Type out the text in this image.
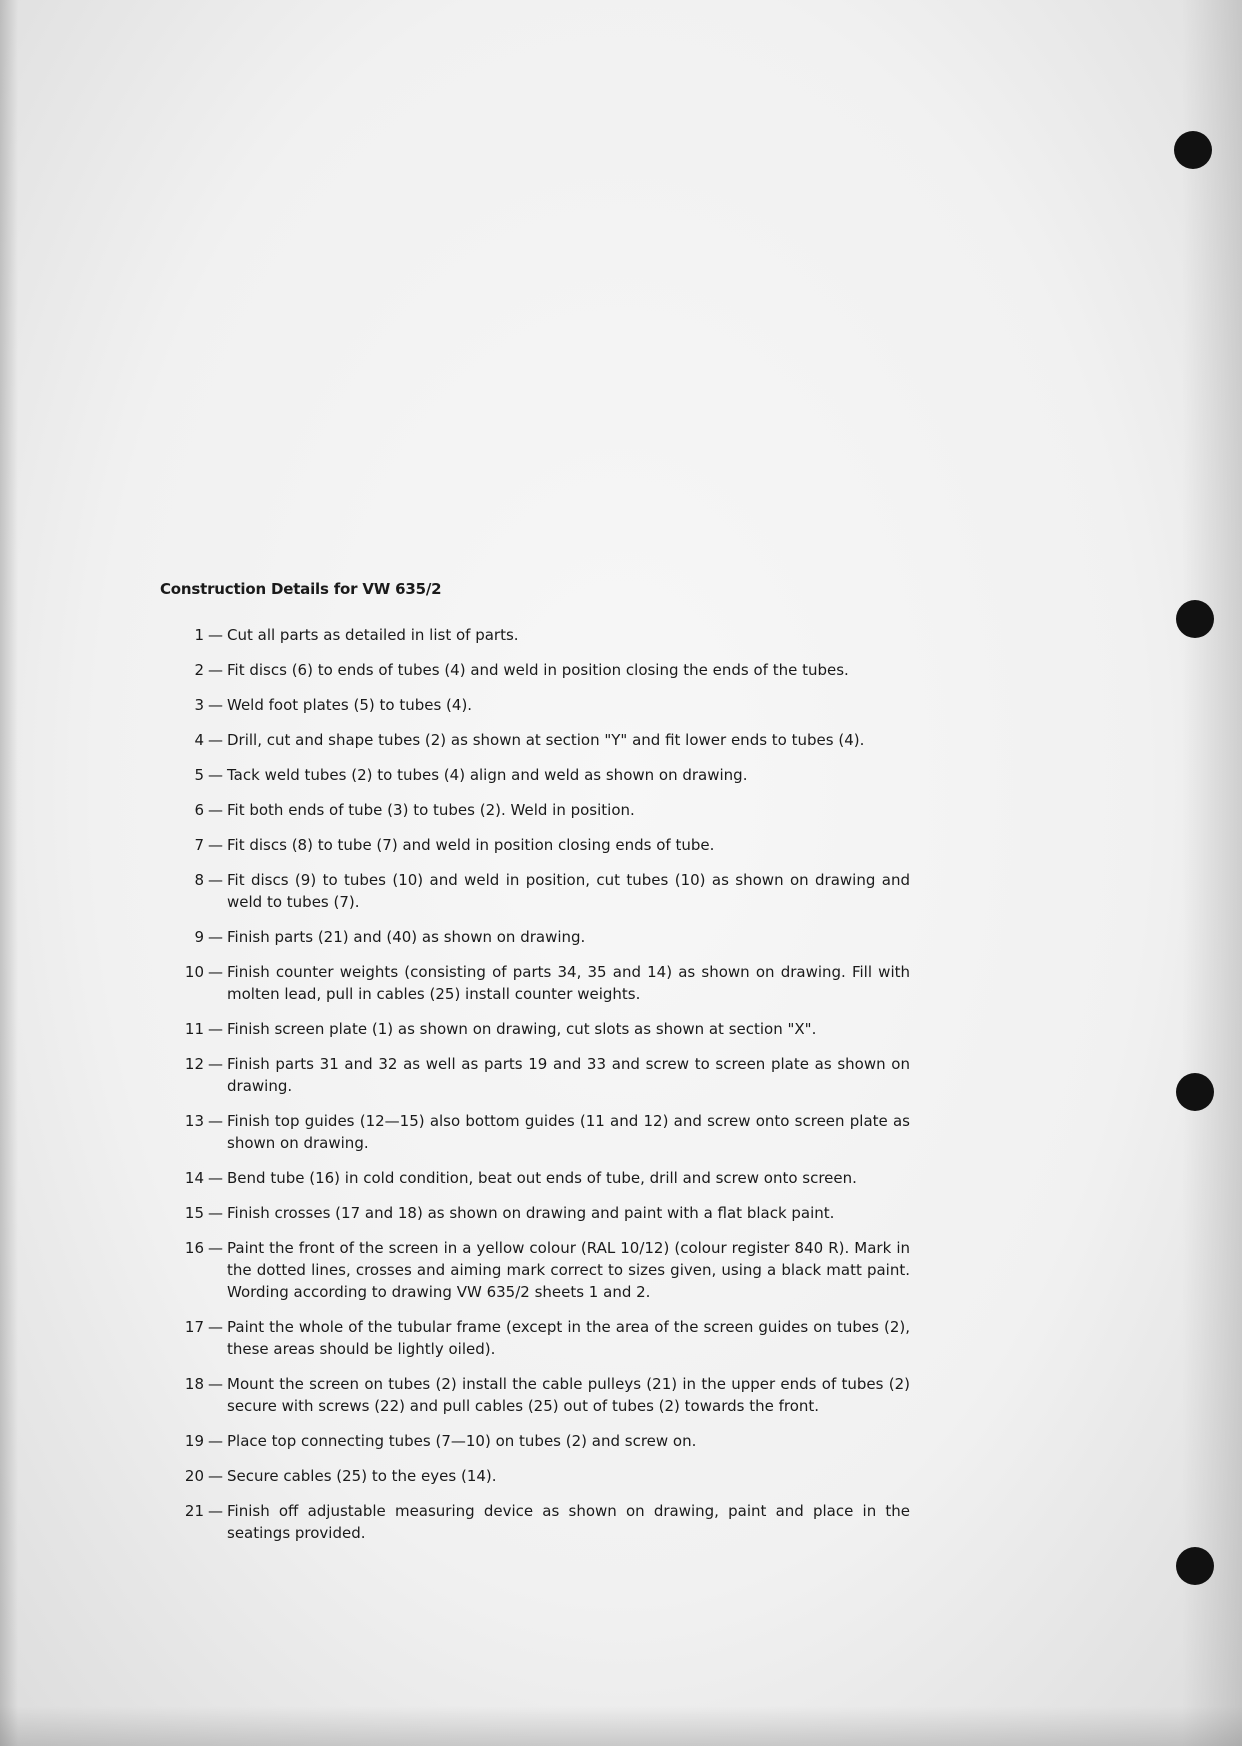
Construction Details for VW 635/2
1 — Cut all parts as detailed in list of parts.
2 — Fit discs (6) to ends of tubes (4) and weld in position closing the ends of the tubes.
3 — Weld foot plates (5) to tubes (4).
4 — Drill, cut and shape tubes (2) as shown at section "Y" and fit lower ends to tubes (4).
5 — Tack weld tubes (2) to tubes (4) align and weld as shown on drawing.
6 — Fit both ends of tube (3) to tubes (2). Weld in position.
7 — Fit discs (8) to tube (7) and weld in position closing ends of tube.
8 — Fit discs (9) to tubes (10) and weld in position, cut tubes (10) as shown on drawing and weld to tubes (7).
9 — Finish parts (21) and (40) as shown on drawing.
10 — Finish counter weights (consisting of parts 34, 35 and 14) as shown on drawing. Fill with molten lead, pull in cables (25) install counter weights.
11 — Finish screen plate (1) as shown on drawing, cut slots as shown at section "X".
12 — Finish parts 31 and 32 as well as parts 19 and 33 and screw to screen plate as shown on drawing.
13 — Finish top guides (12—15) also bottom guides (11 and 12) and screw onto screen plate as shown on drawing.
14 — Bend tube (16) in cold condition, beat out ends of tube, drill and screw onto screen.
15 — Finish crosses (17 and 18) as shown on drawing and paint with a flat black paint.
16 — Paint the front of the screen in a yellow colour (RAL 10/12) (colour register 840 R). Mark in the dotted lines, crosses and aiming mark correct to sizes given, using a black matt paint. Wording according to drawing VW 635/2 sheets 1 and 2.
17 — Paint the whole of the tubular frame (except in the area of the screen guides on tubes (2), these areas should be lightly oiled).
18 — Mount the screen on tubes (2) install the cable pulleys (21) in the upper ends of tubes (2) secure with screws (22) and pull cables (25) out of tubes (2) towards the front.
19 — Place top connecting tubes (7—10) on tubes (2) and screw on.
20 — Secure cables (25) to the eyes (14).
21 — Finish off adjustable measuring device as shown on drawing, paint and place in the seatings provided.
